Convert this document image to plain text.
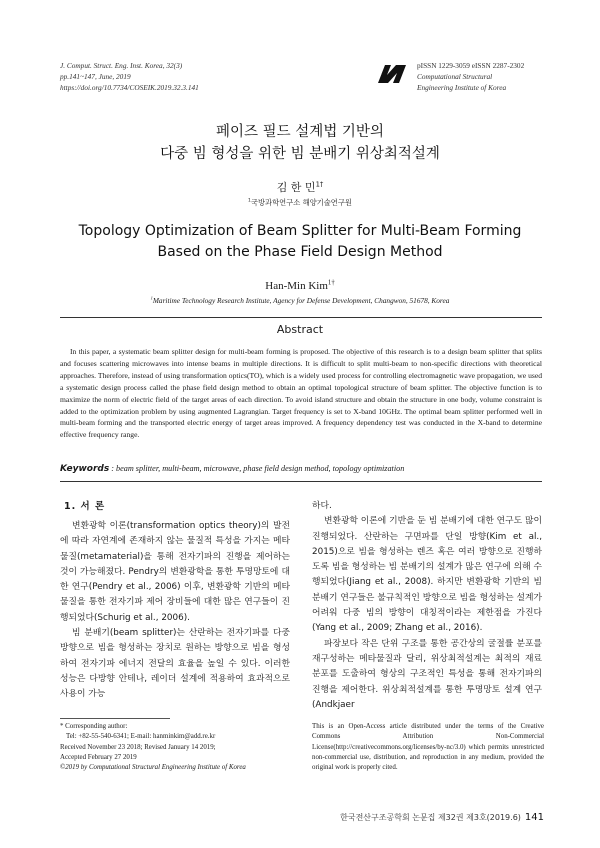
J. Comput. Struct. Eng. Inst. Korea, 32(3)
pp.141~147, June, 2019
https://doi.org/10.7734/COSEIK.2019.32.3.141
pISSN 1229-3059 eISSN 2287-2302
Computational Structural
Engineering Institute of Korea
페이즈 필드 설계법 기반의
다중 빔 형성을 위한 빔 분배기 위상최적설계
김 한 민$^{1\dagger}$
$^1$국방과학연구소 해양기술연구원
Topology Optimization of Beam Splitter for Multi-Beam Forming
Based on the Phase Field Design Method
Han-Min Kim$^{1\dagger}$
$^1$Maritime Technology Research Institute, Agency for Defense Development, Changwon, 51678, Korea
Abstract
In this paper, a systematic beam splitter design for multi-beam forming is proposed. The objective of this research is to a design beam splitter that splits and focuses scattering microwaves into intense beams in multiple directions. It is difficult to split multi-beam to non-specific directions with theoretical approaches. Therefore, instead of using transformation optics(TO), which is a widely used process for controlling electromagnetic wave propagation, we used a systematic design process called the phase field design method to obtain an optimal topological structure of beam splitter. The objective function is to maximize the norm of electric field of the target areas of each direction. To avoid island structure and obtain the structure in one body, volume constraint is added to the optimization problem by using augmented Lagrangian. Target frequency is set to X-band 10GHz. The optimal beam splitter performed well in multi-beam forming and the transported electric energy of target areas improved. A frequency dependency test was conducted in the X-band to determine effective frequency range.
Keywords : beam splitter, multi-beam, microwave, phase field design method, topology optimization
1. 서 론

변환광학 이론(transformation optics theory)의 발전에 따라 자연계에 존재하지 않는 물질적 특성을 가지는 메타물질(metamaterial)을 통해 전자기파의 진행을 제어하는 것이 가능해졌다. Pendry의 변환광학을 통한 투명망토에 대한 연구(Pendry et al., 2006) 이후, 변환광학 기반의 메타물질을 통한 전자기파 제어 장비들에 대한 많은 연구들이 진행되었다(Schurig et al., 2006).

빔 분배기(beam splitter)는 산란하는 전자기파를 다중 방향으로 빔을 형성하는 장치로 원하는 방향으로 빔을 형성하여 전자기파 에너지 전달의 효율을 높일 수 있다. 이러한 성능은 다방향 안테나, 레이더 설계에 적용하여 효과적으로 사용이 가능

하다.

변환광학 이론에 기반을 둔 빔 분배기에 대한 연구도 많이 진행되었다. 산란하는 구면파를 단일 방향(Kim et al., 2015)으로 빔을 형성하는 렌즈 혹은 여러 방향으로 진행하도록 빔을 형성하는 빔 분배기의 설계가 많은 연구에 의해 수행되었다(Jiang et al., 2008). 하지만 변환광학 기반의 빔 분배기 연구들은 불규칙적인 방향으로 빔을 형성하는 설계가 어려워 다중 빔의 방향이 대칭적이라는 제한점을 가진다(Yang et al., 2009; Zhang et al., 2016).

파장보다 작은 단위 구조를 통한 공간상의 굴절률 분포를 재구성하는 메타물질과 달리, 위상최적설계는 최적의 재료 분포를 도출하여 형상의 구조적인 특성을 통해 전자기파의 진행을 제어한다. 위상최적설계를 통한 투명망토 설계 연구(Andkjaer

* Corresponding author:
Tel: +82-55-540-6341; E-mail: hanminkim@add.re.kr
Received November 23 2018; Revised January 14 2019;
Accepted February 27 2019
©2019 by Computational Structural Engineering Institute of Korea
This is an Open-Access article distributed under the terms of the Creative Commons Attribution Non-Commercial License(http://creativecommons.org/licenses/by-nc/3.0) which permits unrestricted non-commercial use, distribution, and reproduction in any medium, provided the original work is properly cited.
한국전산구조공학회 논문집 제32권 제3호(2019.6) 141
